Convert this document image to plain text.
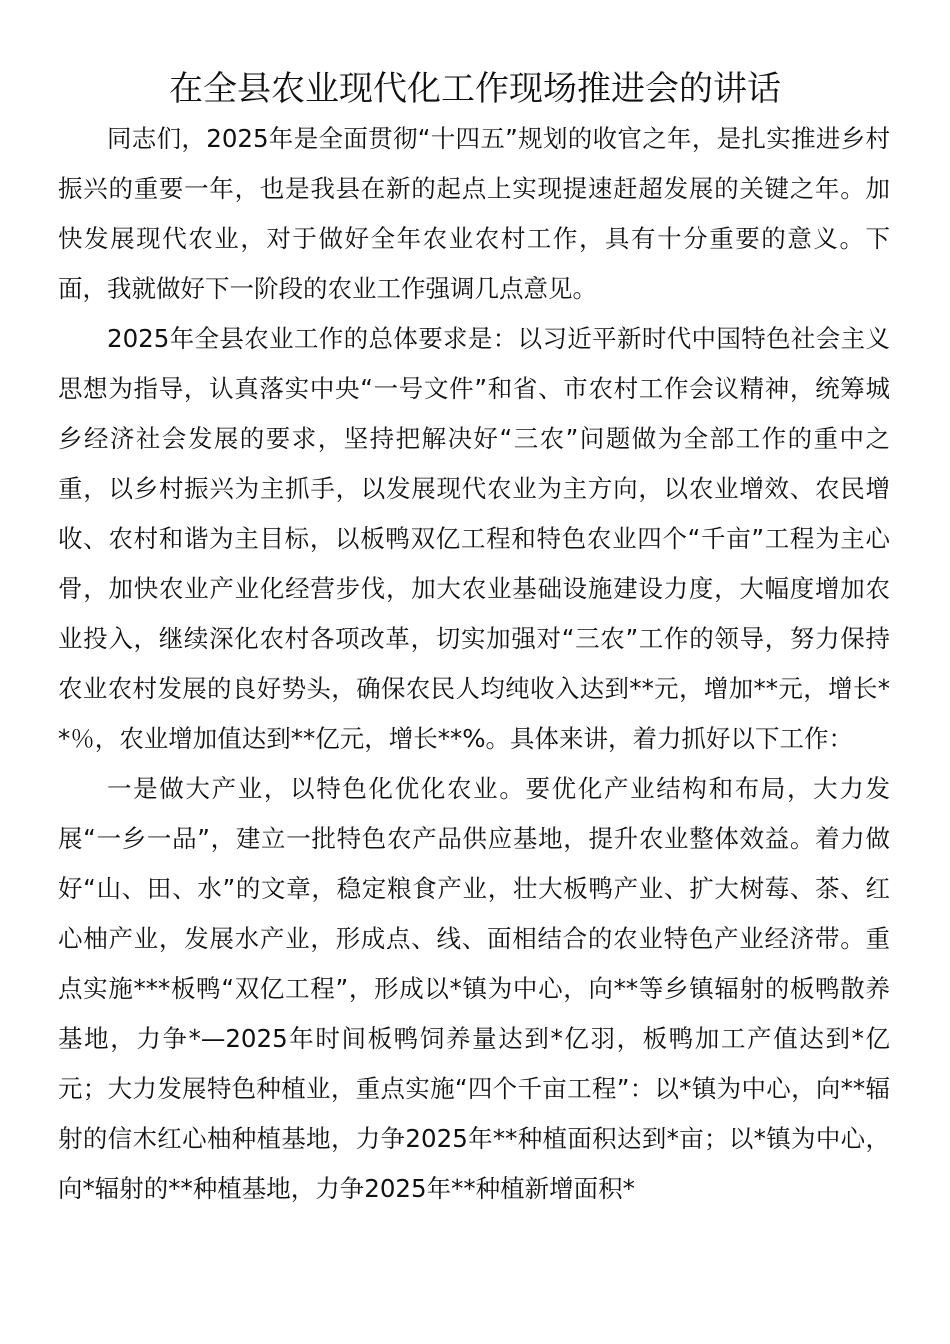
在全县农业现代化工作现场推进会的讲话

同志们，2025年是全面贯彻“十四五”规划的收官之年，是扎实推进乡村振兴的重要一年，也是我县在新的起点上实现提速赶超发展的关键之年。加快发展现代农业，对于做好全年农业农村工作，具有十分重要的意义。下面，我就做好下一阶段的农业工作强调几点意见。

2025年全县农业工作的总体要求是：以习近平新时代中国特色社会主义思想为指导，认真落实中央“一号文件”和省、市农村工作会议精神，统筹城乡经济社会发展的要求，坚持把解决好“三农”问题做为全部工作的重中之重，以乡村振兴为主抓手，以发展现代农业为主方向，以农业增效、农民增收、农村和谐为主目标，以板鸭双亿工程和特色农业四个“千亩”工程为主心骨，加快农业产业化经营步伐，加大农业基础设施建设力度，大幅度增加农业投入，继续深化农村各项改革，切实加强对“三农”工作的领导，努力保持农业农村发展的良好势头，确保农民人均纯收入达到**元，增加**元，增长**％，农业增加值达到**亿元，增长**%。具体来讲，着力抓好以下工作：

一是做大产业，以特色化优化农业。要优化产业结构和布局，大力发展“一乡一品”，建立一批特色农产品供应基地，提升农业整体效益。着力做好“山、田、水”的文章，稳定粮食产业，壮大板鸭产业、扩大树莓、茶、红心柚产业，发展水产业，形成点、线、面相结合的农业特色产业经济带。重点实施***板鸭“双亿工程”，形成以*镇为中心，向**等乡镇辐射的板鸭散养基地，力争*—2025年时间板鸭饲养量达到*亿羽，板鸭加工产值达到*亿元；大力发展特色种植业，重点实施“四个千亩工程”：以*镇为中心，向**辐射的信木红心柚种植基地，力争2025年**种植面积达到*亩；以*镇为中心，向*辐射的**种植基地，力争2025年**种植新增面积*
